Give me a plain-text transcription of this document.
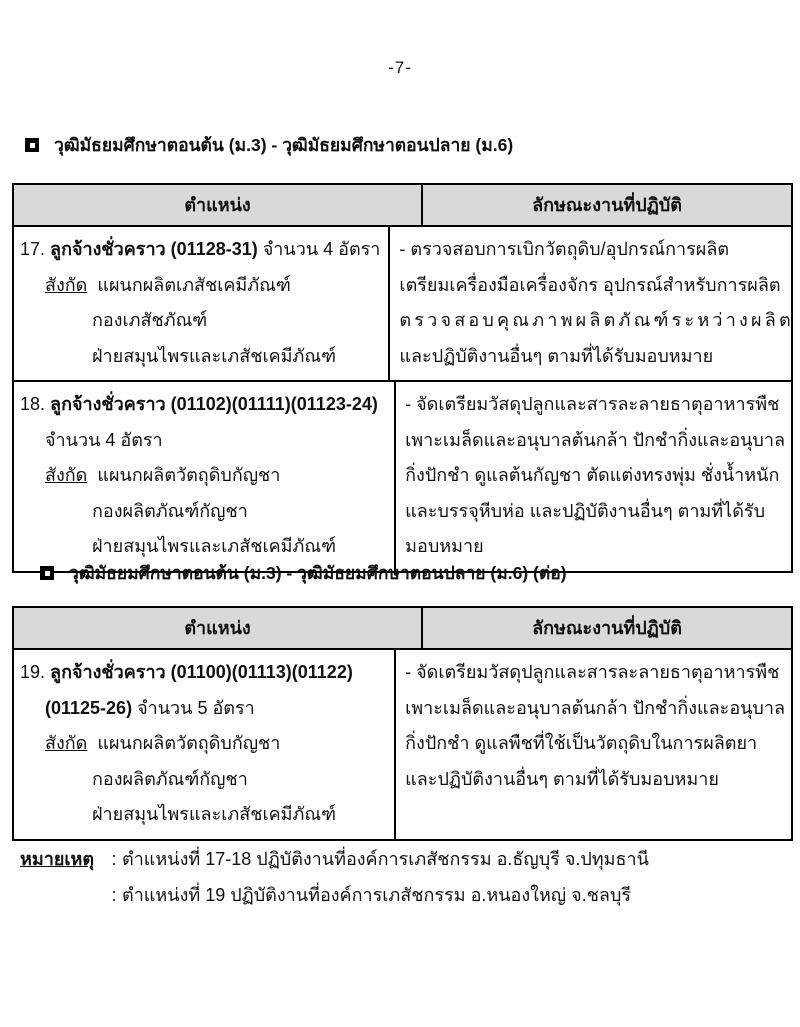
-7-
วุฒิมัธยมศึกษาตอนต้น (ม.3) - วุฒิมัธยมศึกษาตอนปลาย (ม.6)
ตำแหน่ง	ลักษณะงานที่ปฏิบัติ
17. ลูกจ้างชั่วคราว (01128-31) จำนวน 4 อัตรา
สังกัด แผนกผลิตเภสัชเคมีภัณฑ์
กองเภสัชภัณฑ์
ฝ่ายสมุนไพรและเภสัชเคมีภัณฑ์
- ตรวจสอบการเบิกวัตถุดิบ/อุปกรณ์การผลิต
เตรียมเครื่องมือเครื่องจักร อุปกรณ์สำหรับการผลิต
ตรวจสอบคุณภาพผลิตภัณฑ์ระหว่างผลิต
และปฏิบัติงานอื่นๆ ตามที่ได้รับมอบหมาย
18. ลูกจ้างชั่วคราว (01102)(01111)(01123-24)
จำนวน 4 อัตรา
สังกัด แผนกผลิตวัตถุดิบกัญชา
กองผลิตภัณฑ์กัญชา
ฝ่ายสมุนไพรและเภสัชเคมีภัณฑ์
- จัดเตรียมวัสดุปลูกและสารละลายธาตุอาหารพืช
เพาะเมล็ดและอนุบาลต้นกล้า ปักชำกิ่งและอนุบาล
กิ่งปักชำ ดูแลต้นกัญชา ตัดแต่งทรงพุ่ม ชั่งน้ำหนัก
และบรรจุหีบห่อ และปฏิบัติงานอื่นๆ ตามที่ได้รับ
มอบหมาย
วุฒิมัธยมศึกษาตอนต้น (ม.3) - วุฒิมัธยมศึกษาตอนปลาย (ม.6) (ต่อ)
ตำแหน่ง	ลักษณะงานที่ปฏิบัติ
19. ลูกจ้างชั่วคราว (01100)(01113)(01122)
(01125-26) จำนวน 5 อัตรา
สังกัด แผนกผลิตวัตถุดิบกัญชา
กองผลิตภัณฑ์กัญชา
ฝ่ายสมุนไพรและเภสัชเคมีภัณฑ์
- จัดเตรียมวัสดุปลูกและสารละลายธาตุอาหารพืช
เพาะเมล็ดและอนุบาลต้นกล้า ปักชำกิ่งและอนุบาล
กิ่งปักชำ ดูแลพืชที่ใช้เป็นวัตถุดิบในการผลิตยา
และปฏิบัติงานอื่นๆ ตามที่ได้รับมอบหมาย
หมายเหตุ : ตำแหน่งที่ 17-18 ปฏิบัติงานที่องค์การเภสัชกรรม อ.ธัญบุรี จ.ปทุมธานี
: ตำแหน่งที่ 19 ปฏิบัติงานที่องค์การเภสัชกรรม อ.หนองใหญ่ จ.ชลบุรี
